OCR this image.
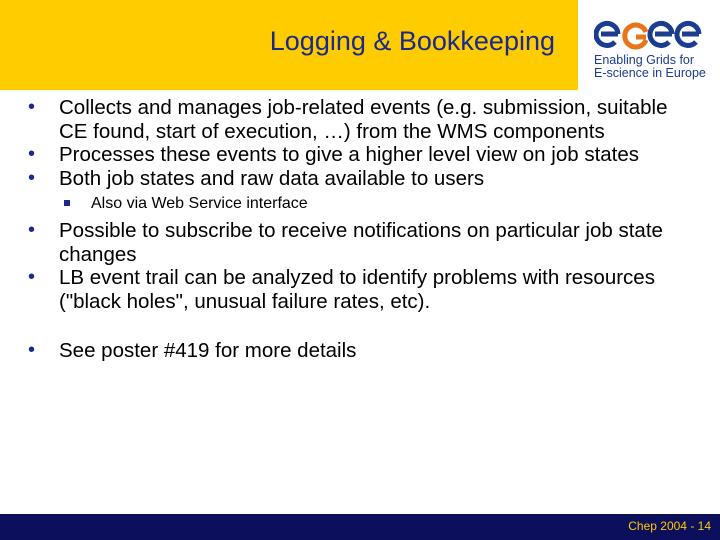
Logging & Bookkeeping
Enabling Grids for
E-science in Europe
• Collects and manages job-related events (e.g. submission, suitable CE found, start of execution, …) from the WMS components
• Processes these events to give a higher level view on job states
• Both job states and raw data available to users
Also via Web Service interface
• Possible to subscribe to receive notifications on particular job state changes
• LB event trail can be analyzed to identify problems with resources ("black holes", unusual failure rates, etc).
• See poster #419 for more details
Chep 2004 - 14
